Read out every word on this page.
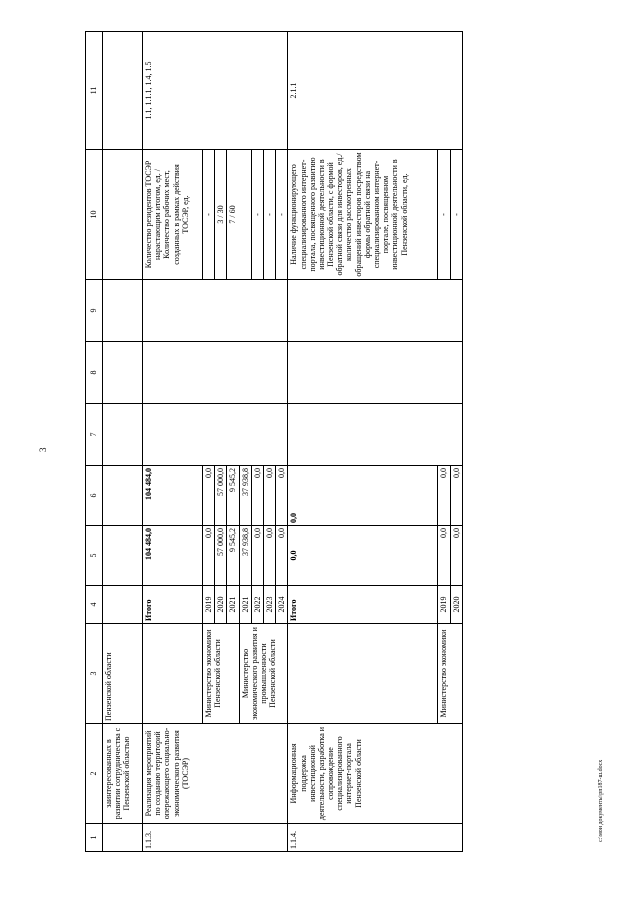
3
1	2	3	4	5	6	7	8	9	10	11
	заинтересованных в развитии сотрудничества с Пензенской областью	Пензенской области								
1.1.3.	Реализация мероприятий по созданию территорий опережающего социально-экономического развития (ТОСЭР)		Итого	104 484,0	104 484,0				Количество резидентов ТОСЭР нарастающим итогом, ед. / Количество рабочих мест, созданных в рамках действия ТОСЭР, ед.	1.1, 1.1.1, 1.4, 1.5
		Министерство экономики Пензенской области	2019	0,0	0,0				-	
			2020	57 000,0	57 000,0				3 / 30	
			2021	9 545,2	9 545,2				7 / 60	
		Министерство экономического развития и промышленности Пензенской области	2021	37 938,8	37 938,8					
			2022	0,0	0,0				-	
			2023	0,0	0,0				-	
			2024	0,0	0,0				-	
1.1.4.	Информационная поддержка инвестиционной деятельности, разработка и сопровождение специализированного интернет-портала Пензенской области		Итого	0,0	0,0				Наличие функционирующего специализированного интернет-портала, посвященного развитию инвестиционной деятельности в Пензенской области, с формой обратной связи для инвесторов, ед./количество рассмотренных обращений инвесторов посредством формы обратной связи на специализированном интернет-портале, посвященном инвестиционной деятельности в Пензенской области, ед.	2.1.1
		Министерство экономики	2019	0,0	0,0				-	
			2020	0,0	0,0				-	
c:\мои документы\рп187-ш.docx
